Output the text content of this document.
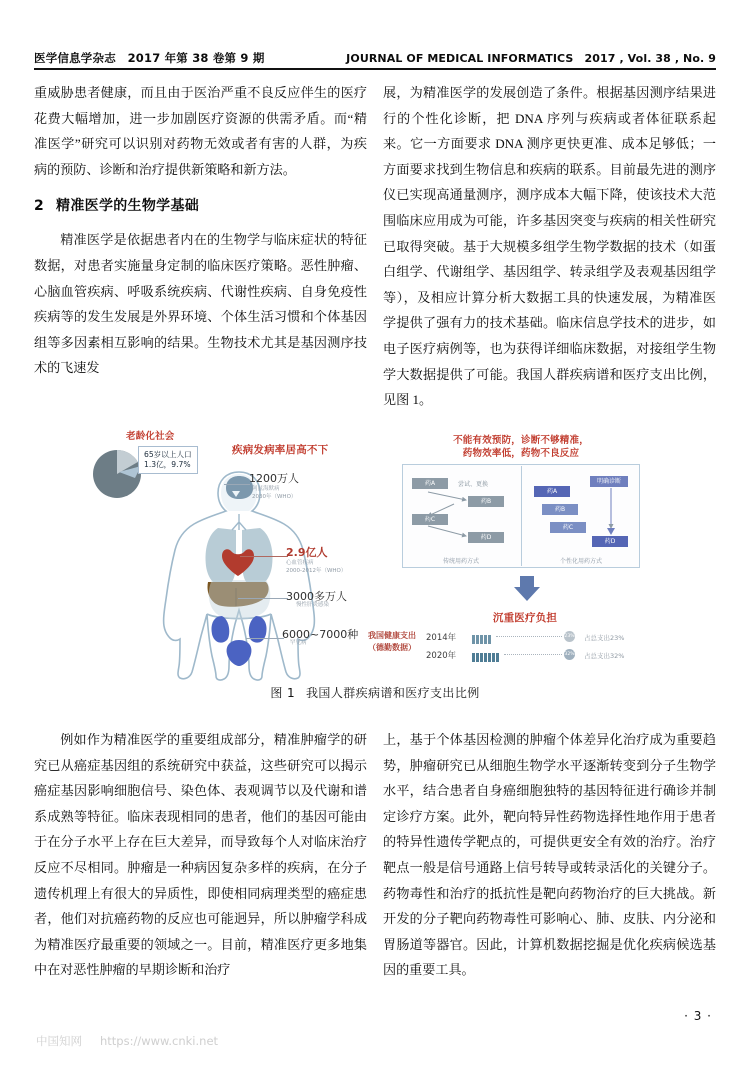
医学信息学杂志　2017 年第 38 卷第 9 期	JOURNAL OF MEDICAL INFORMATICS　2017 , Vol. 38 , No. 9

重威胁患者健康，而且由于医治严重不良反应伴生的医疗花费大幅增加，进一步加剧医疗资源的供需矛盾。而“精准医学”研究可以识别对药物无效或者有害的人群，为疾病的预防、诊断和治疗提供新策略和新方法。

2 精准医学的生物学基础

精准医学是依据患者内在的生物学与临床症状的特征数据，对患者实施量身定制的临床医疗策略。恶性肿瘤、心脑血管疾病、呼吸系统疾病、代谢性疾病、自身免疫性疾病等的发生发展是外界环境、个体生活习惯和个体基因组等多因素相互影响的结果。生物技术尤其是基因测序技术的飞速发

展，为精准医学的发展创造了条件。根据基因测序结果进行的个性化诊断，把 DNA 序列与疾病或者体征联系起来。它一方面要求 DNA 测序更快更准、成本足够低；一方面要求找到生物信息和疾病的联系。目前最先进的测序仪已实现高通量测序，测序成本大幅下降，使该技术大范围临床应用成为可能，许多基因突变与疾病的相关性研究已取得突破。基于大规模多组学生物学数据的技术（如蛋白组学、代谢组学、基因组学、转录组学及表观基因组学等），及相应计算分析大数据工具的快速发展，为精准医学提供了强有力的技术基础。临床信息学技术的进步，如电子医疗病例等，也为获得详细临床数据，对接组学生物学大数据提供了可能。我国人群疾病谱和医疗支出比例，见图 1。

老龄化社会
65岁以上人口
1.3亿，9.7%
疾病发病率居高不下
1200万人
阿兹海默病
2030年（WHO）
2.9亿人
心血管疾病
2000-2012年（WHO）
3000多万人
慢性肝炎感染
6000~7000种
罕见病
不能有效预防，诊断不够精准，
药物效率低，药物不良反应
药A	尝试、更换
药B
药C
药D
传统用药方式
药A
药B
药C
明确诊断
药D
个性化用药方式
沉重医疗负担
我国健康支出
（德勤数据）
2014年	23% 占总支出23%
2020年	32% 占总支出32%
图 1 我国人群疾病谱和医疗支出比例

例如作为精准医学的重要组成部分，精准肿瘤学的研究已从癌症基因组的系统研究中获益，这些研究可以揭示癌症基因影响细胞信号、染色体、表观调节以及代谢和谱系成熟等特征。临床表现相同的患者，他们的基因可能由于在分子水平上存在巨大差异，而导致每个人对临床治疗反应不尽相同。肿瘤是一种病因复杂多样的疾病，在分子遗传机理上有很大的异质性，即使相同病理类型的癌症患者，他们对抗癌药物的反应也可能迥异，所以肿瘤学科成为精准医疗最重要的领域之一。目前，精准医疗更多地集中在对恶性肿瘤的早期诊断和治疗

上，基于个体基因检测的肿瘤个体差异化治疗成为重要趋势，肿瘤研究已从细胞生物学水平逐渐转变到分子生物学水平，结合患者自身癌细胞独特的基因特征进行确诊并制定诊疗方案。此外，靶向特异性药物选择性地作用于患者的特异性遗传学靶点的，可提供更安全有效的治疗。治疗靶点一般是信号通路上信号转导或转录活化的关键分子。药物毒性和治疗的抵抗性是靶向药物治疗的巨大挑战。新开发的分子靶向药物毒性可影响心、肺、皮肤、内分泌和胃肠道等器官。因此，计算机数据挖掘是优化疾病候选基因的重要工具。

· 3 ·
中国知网 https://www.cnki.net
